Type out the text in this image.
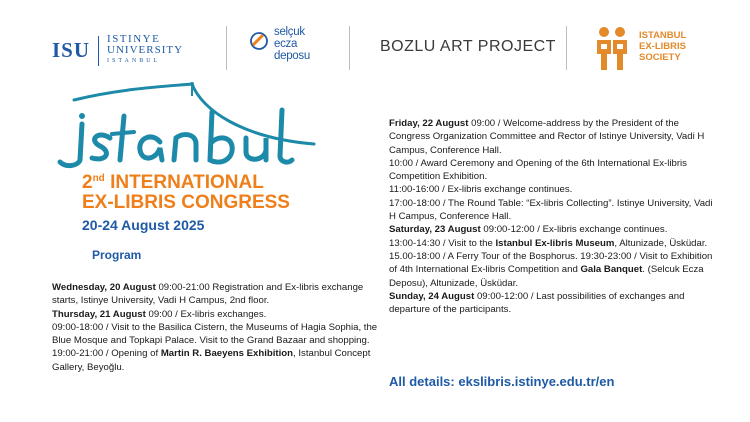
ISU ISTINYE
UNIVERSITY
ISTANBUL
selçuk
ecza
deposu
BOZLU ART PROJECT
ISTANBUL
EX-LIBRIS
SOCIETY
İstanbul
2nd INTERNATIONAL
EX-LIBRIS CONGRESS
20-24 August 2025
Program

Wednesday, 20 August 09:00-21:00 Registration and Ex-libris exchange starts, Istinye University, Vadi H Campus, 2nd floor.

Thursday, 21 August 09:00 / Ex-libris exchanges.

09:00-18:00 / Visit to the Basilica Cistern, the Museums of Hagia Sophia, the Blue Mosque and Topkapi Palace. Visit to the Grand Bazaar and shopping.

19:00-21:00 / Opening of Martin R. Baeyens Exhibition, Istanbul Concept Gallery, Beyoğlu.

Friday, 22 August 09:00 / Welcome-address by the President of the Congress Organization Committee and Rector of Istinye University, Vadi H Campus, Conference Hall.

10:00 / Award Ceremony and Opening of the 6th International Ex-libris Competition Exhibition.

11:00-16:00 / Ex-libris exchange continues.

17:00-18:00 / The Round Table: “Ex-libris Collecting”. Istinye University, Vadi H Campus, Conference Hall.

Saturday, 23 August 09:00-12:00 / Ex-libris exchange continues.

13:00-14:30 / Visit to the Istanbul Ex-libris Museum, Altunizade, Üsküdar. 15.00-18:00 / A Ferry Tour of the Bosphorus. 19:30-23:00 / Visit to Exhibition of 4th International Ex-libris Competition and Gala Banquet. (Selcuk Ecza Deposu), Altunizade, Üsküdar.

Sunday, 24 August 09:00-12:00 / Last possibilities of exchanges and departure of the participants.

All details: ekslibris.istinye.edu.tr/en
